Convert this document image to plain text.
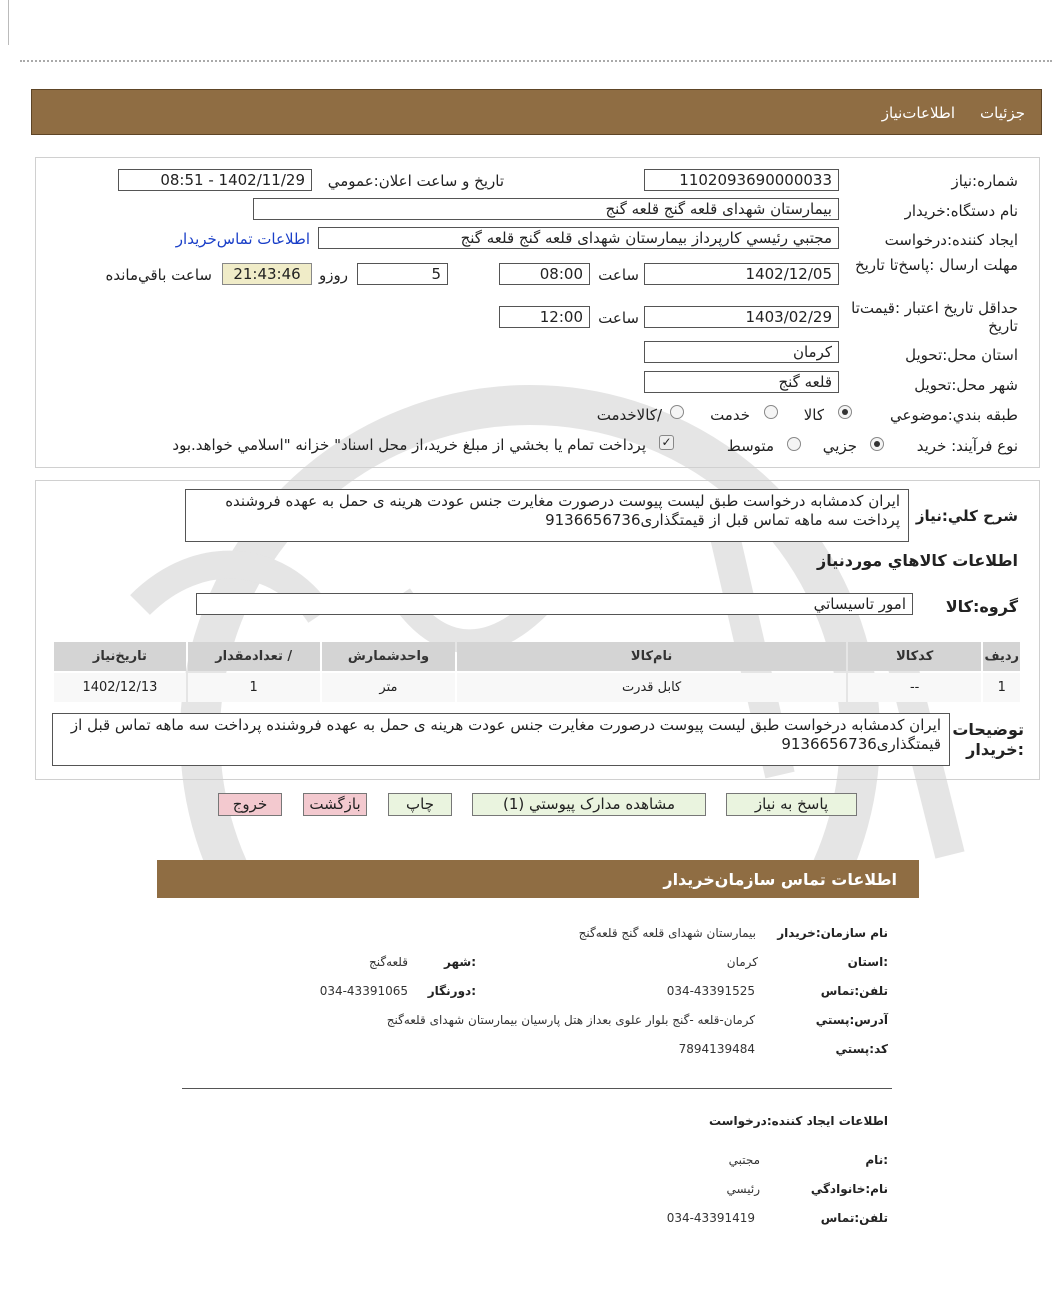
جزئيات
اطلاعات‌نياز
شماره:نياز
1102093690000033
تاريخ و ساعت اعلان:عمومي
1402/11/29 - 08:51
نام دستگاه:خريدار
بيمارستان شهداى قلعه گنج قلعه گنج
ايجاد کننده:درخواست
مجتبي رئيسي کارپرداز بيمارستان شهداى قلعه گنج قلعه گنج
اطلاعات تماس‌خريدار
مهلت ارسال :پاسخ‌تا تاريخ
1402/12/05
ساعت
08:00
5
روزو
21:43:46
ساعت باقي‌مانده
حداقل تاريخ اعتبار :قيمت‌تا تاريخ
1403/02/29
ساعت
12:00
استان محل:تحويل
کرمان
شهر محل:تحويل
قلعه گنج
طبقه بندي:موضوعي
کالا
خدمت
/کالاخدمت
نوع فرآيند: خريد
جزيي
متوسط
✓
پرداخت تمام يا بخشي از مبلغ خريد،از محل اسناد" خزانه "اسلامي خواهد.بود
شرح کلي:نياز
ايران کدمشابه درخواست طبق ليست پيوست درصورت مغايرت جنس عودت هرينه ی حمل به عهده فروشنده پرداخت سه ماهه تماس قبل از قيمتگذاری9136656736
اطلاعات کالاهاي موردنياز
گروه:کالا
امور تاسيساتي
رديف	کدکالا	نام‌کالا	واحدشمارش	/ تعدادمقدار	تاريخ‌نياز
1	--	کابل قدرت	متر	1	1402/12/13
توضيحات :خريدار
ايران کدمشابه درخواست طبق ليست پيوست درصورت مغايرت جنس عودت هرينه ی حمل به عهده فروشنده پرداخت سه ماهه تماس قبل از قيمتگذاری9136656736
پاسخ به نياز
مشاهده مدارک پيوستي (1)
چاپ
بازگشت
خروج
اطلاعات تماس سازمان‌خريدار
نام سازمان:خريدار
بيمارستان شهداى قلعه گنج قلعه‌گنج
:استان
کرمان
:شهر
قلعه‌گنج
تلفن:تماس
034-43391525
:دورنگار
034-43391065
آدرس:پستي
کرمان-قلعه -گنج بلوار علوی بعداز هتل پارسيان بيمارستان شهدای قلعه‌گنج
کد:پستي
7894139484
اطلاعات ايجاد کننده:درخواست
:نام
مجتبي
نام:خانوادگي
رئيسي
تلفن:تماس
034-43391419
